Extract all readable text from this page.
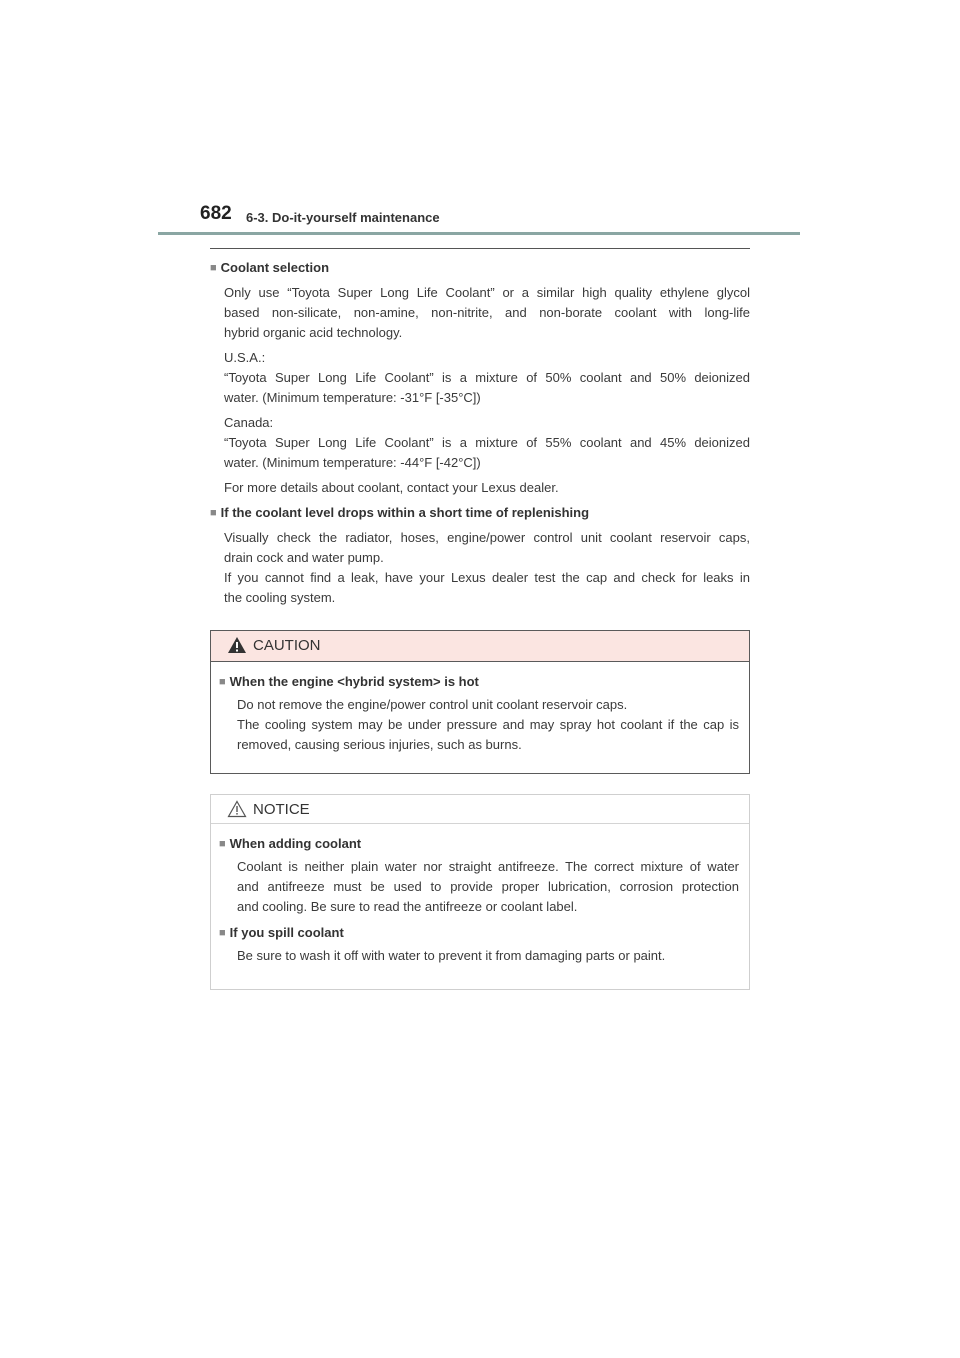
682 6-3. Do-it-yourself maintenance
■ Coolant selection
Only use “Toyota Super Long Life Coolant” or a similar high quality ethylene glycol
based non-silicate, non-amine, non-nitrite, and non-borate coolant with long-life
hybrid organic acid technology.
U.S.A.:
“Toyota Super Long Life Coolant” is a mixture of 50% coolant and 50% deionized
water. (Minimum temperature: -31°F [-35°C])
Canada:
“Toyota Super Long Life Coolant” is a mixture of 55% coolant and 45% deionized
water. (Minimum temperature: -44°F [-42°C])
For more details about coolant, contact your Lexus dealer.
■ If the coolant level drops within a short time of replenishing
Visually check the radiator, hoses, engine/power control unit coolant reservoir caps,
drain cock and water pump.
If you cannot find a leak, have your Lexus dealer test the cap and check for leaks in
the cooling system.
CAUTION
■ When the engine <hybrid system> is hot
Do not remove the engine/power control unit coolant reservoir caps.
The cooling system may be under pressure and may spray hot coolant if the cap is
removed, causing serious injuries, such as burns.
NOTICE
■ When adding coolant
Coolant is neither plain water nor straight antifreeze. The correct mixture of water
and antifreeze must be used to provide proper lubrication, corrosion protection
and cooling. Be sure to read the antifreeze or coolant label.
■ If you spill coolant
Be sure to wash it off with water to prevent it from damaging parts or paint.
